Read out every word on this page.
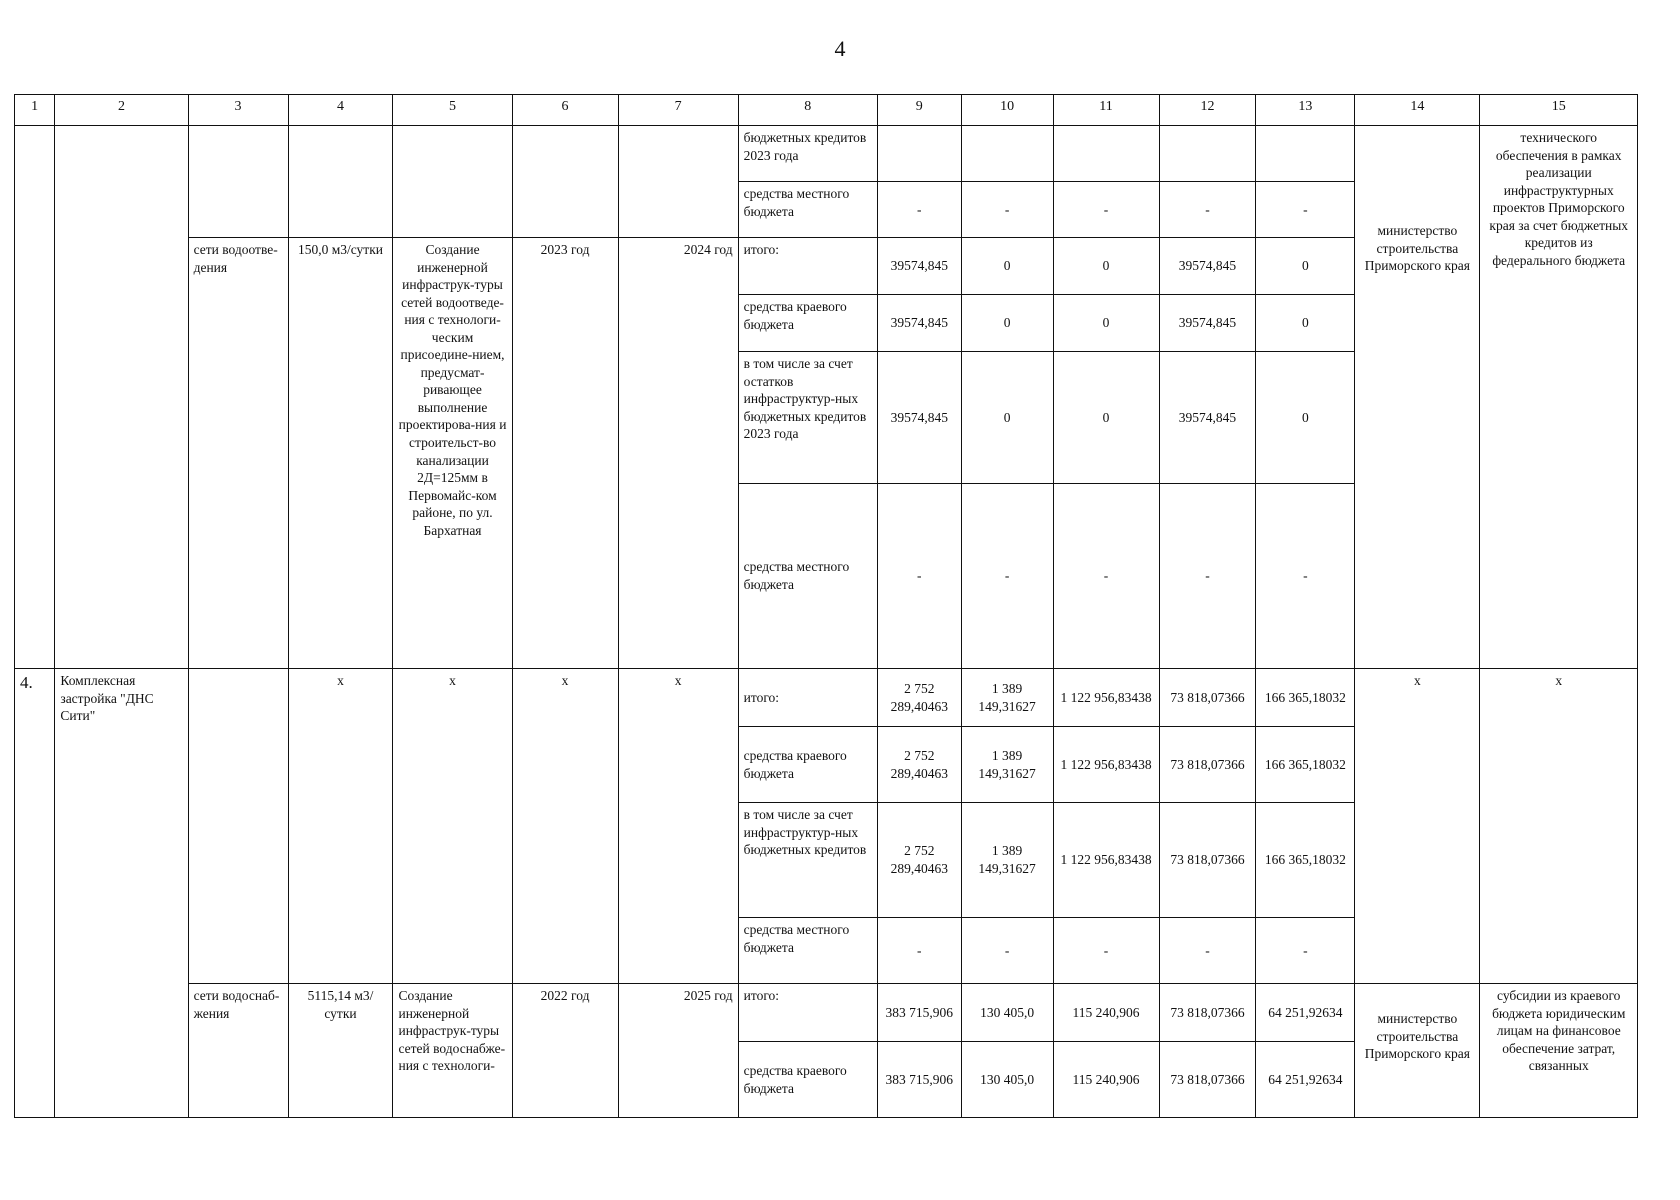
4
1	2	3	4	5	6	7	8	9	10	11	12	13	14	15
							бюджетных кредитов 2023 года						министерство строительства Приморского края	технического обеспечения в рамках реализации инфраструктурных проектов Приморского края за счет бюджетных кредитов из федерального бюджета
							средства местного бюджета	-	-	-	-	-		
		сети водоотве-дения	150,0 м3/сутки	Создание инженерной инфраструк-туры сетей водоотведе-ния с технологи-ческим присоедине-нием, предусмат-ривающее выполнение проектирова-ния и строительст-во канализации 2Д=125мм в Первомайс-ком районе, по ул. Бархатная	2023 год	2024 год	итого:	39574,845	0	0	39574,845	0		
							средства краевого бюджета	39574,845	0	0	39574,845	0		
							в том числе за счет остатков инфраструктур-ных бюджетных кредитов 2023 года	39574,845	0	0	39574,845	0		
							средства местного бюджета	-	-	-	-	-		
4.	Комплексная застройка "ДНС Сити"		x	x	x	x	итого:	2 752 289,40463	1 389 149,31627	1 122 956,83438	73 818,07366	166 365,18032	x	x
							средства краевого бюджета	2 752 289,40463	1 389 149,31627	1 122 956,83438	73 818,07366	166 365,18032		
							в том числе за счет инфраструктур-ных бюджетных кредитов	2 752 289,40463	1 389 149,31627	1 122 956,83438	73 818,07366	166 365,18032		
							средства местного бюджета	-	-	-	-	-		
		сети водоснаб-жения	5115,14 м3/сутки	Создание инженерной инфраструк-туры сетей водоснабже-ния с технологи-	2022 год	2025 год	итого:	383 715,906	130 405,0	115 240,906	73 818,07366	64 251,92634	министерство строительства Приморского края	субсидии из краевого бюджета юридическим лицам на финансовое обеспечение затрат, связанных
							средства краевого бюджета	383 715,906	130 405,0	115 240,906	73 818,07366	64 251,92634		
